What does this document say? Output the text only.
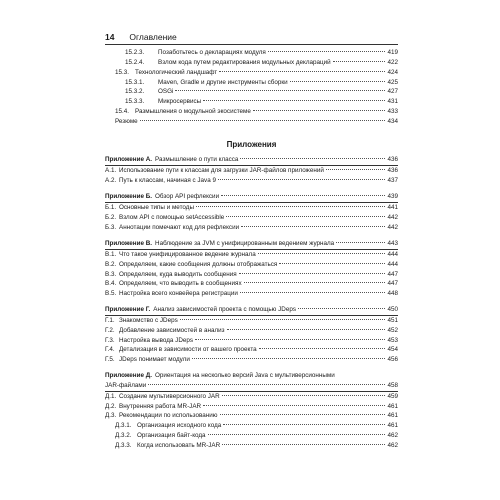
14 Оглавление
15.2.3.	Позаботьтесь о декларациях модуля	419
15.2.4.	Взлом кода путем редактирования модульных деклараций	422
15.3. Технологический ландшафт	424
15.3.1.	Maven, Gradle и другие инструменты сборки	425
15.3.2.	OSGi	427
15.3.3.	Микросервисы	431
15.4. Размышления о модульной экосистеме	433
Резюме	434
Приложения
Приложение А. Размышление о пути класса	436
А.1. Использование пути к классам для загрузки JAR-файлов приложений	436
А.2. Путь к классам, начиная с Java 9	437
Приложение Б. Обзор API рефлексии	439
Б.1. Основные типы и методы	441
Б.2. Взлом API с помощью setAccessible	442
Б.3. Аннотации помечают код для рефлексии	442
Приложение В. Наблюдение за JVM с унифицированным ведением журнала	443
В.1. Что такое унифицированное ведение журнала	444
В.2. Определяем, какие сообщения должны отображаться	444
В.3. Определяем, куда выводить сообщения	447
В.4. Определяем, что выводить в сообщениях	447
В.5. Настройка всего конвейера регистрации	448
Приложение Г. Анализ зависимостей проекта с помощью JDeps	450
Г.1. Знакомство с JDeps	451
Г.2. Добавление зависимостей в анализ	452
Г.3. Настройка вывода JDeps	453
Г.4. Детализация в зависимости от вашего проекта	454
Г.5. JDeps понимает модули	456
Приложение Д. Ориентация на несколько версий Java с мультиверсионными
JAR-файлами	458
Д.1. Создание мультиверсионного JAR	459
Д.2. Внутренняя работа MR-JAR	461
Д.3. Рекомендации по использованию	461
Д.3.1. Организация исходного кода	461
Д.3.2. Организация байт-кода	462
Д.3.3. Когда использовать MR-JAR	462
